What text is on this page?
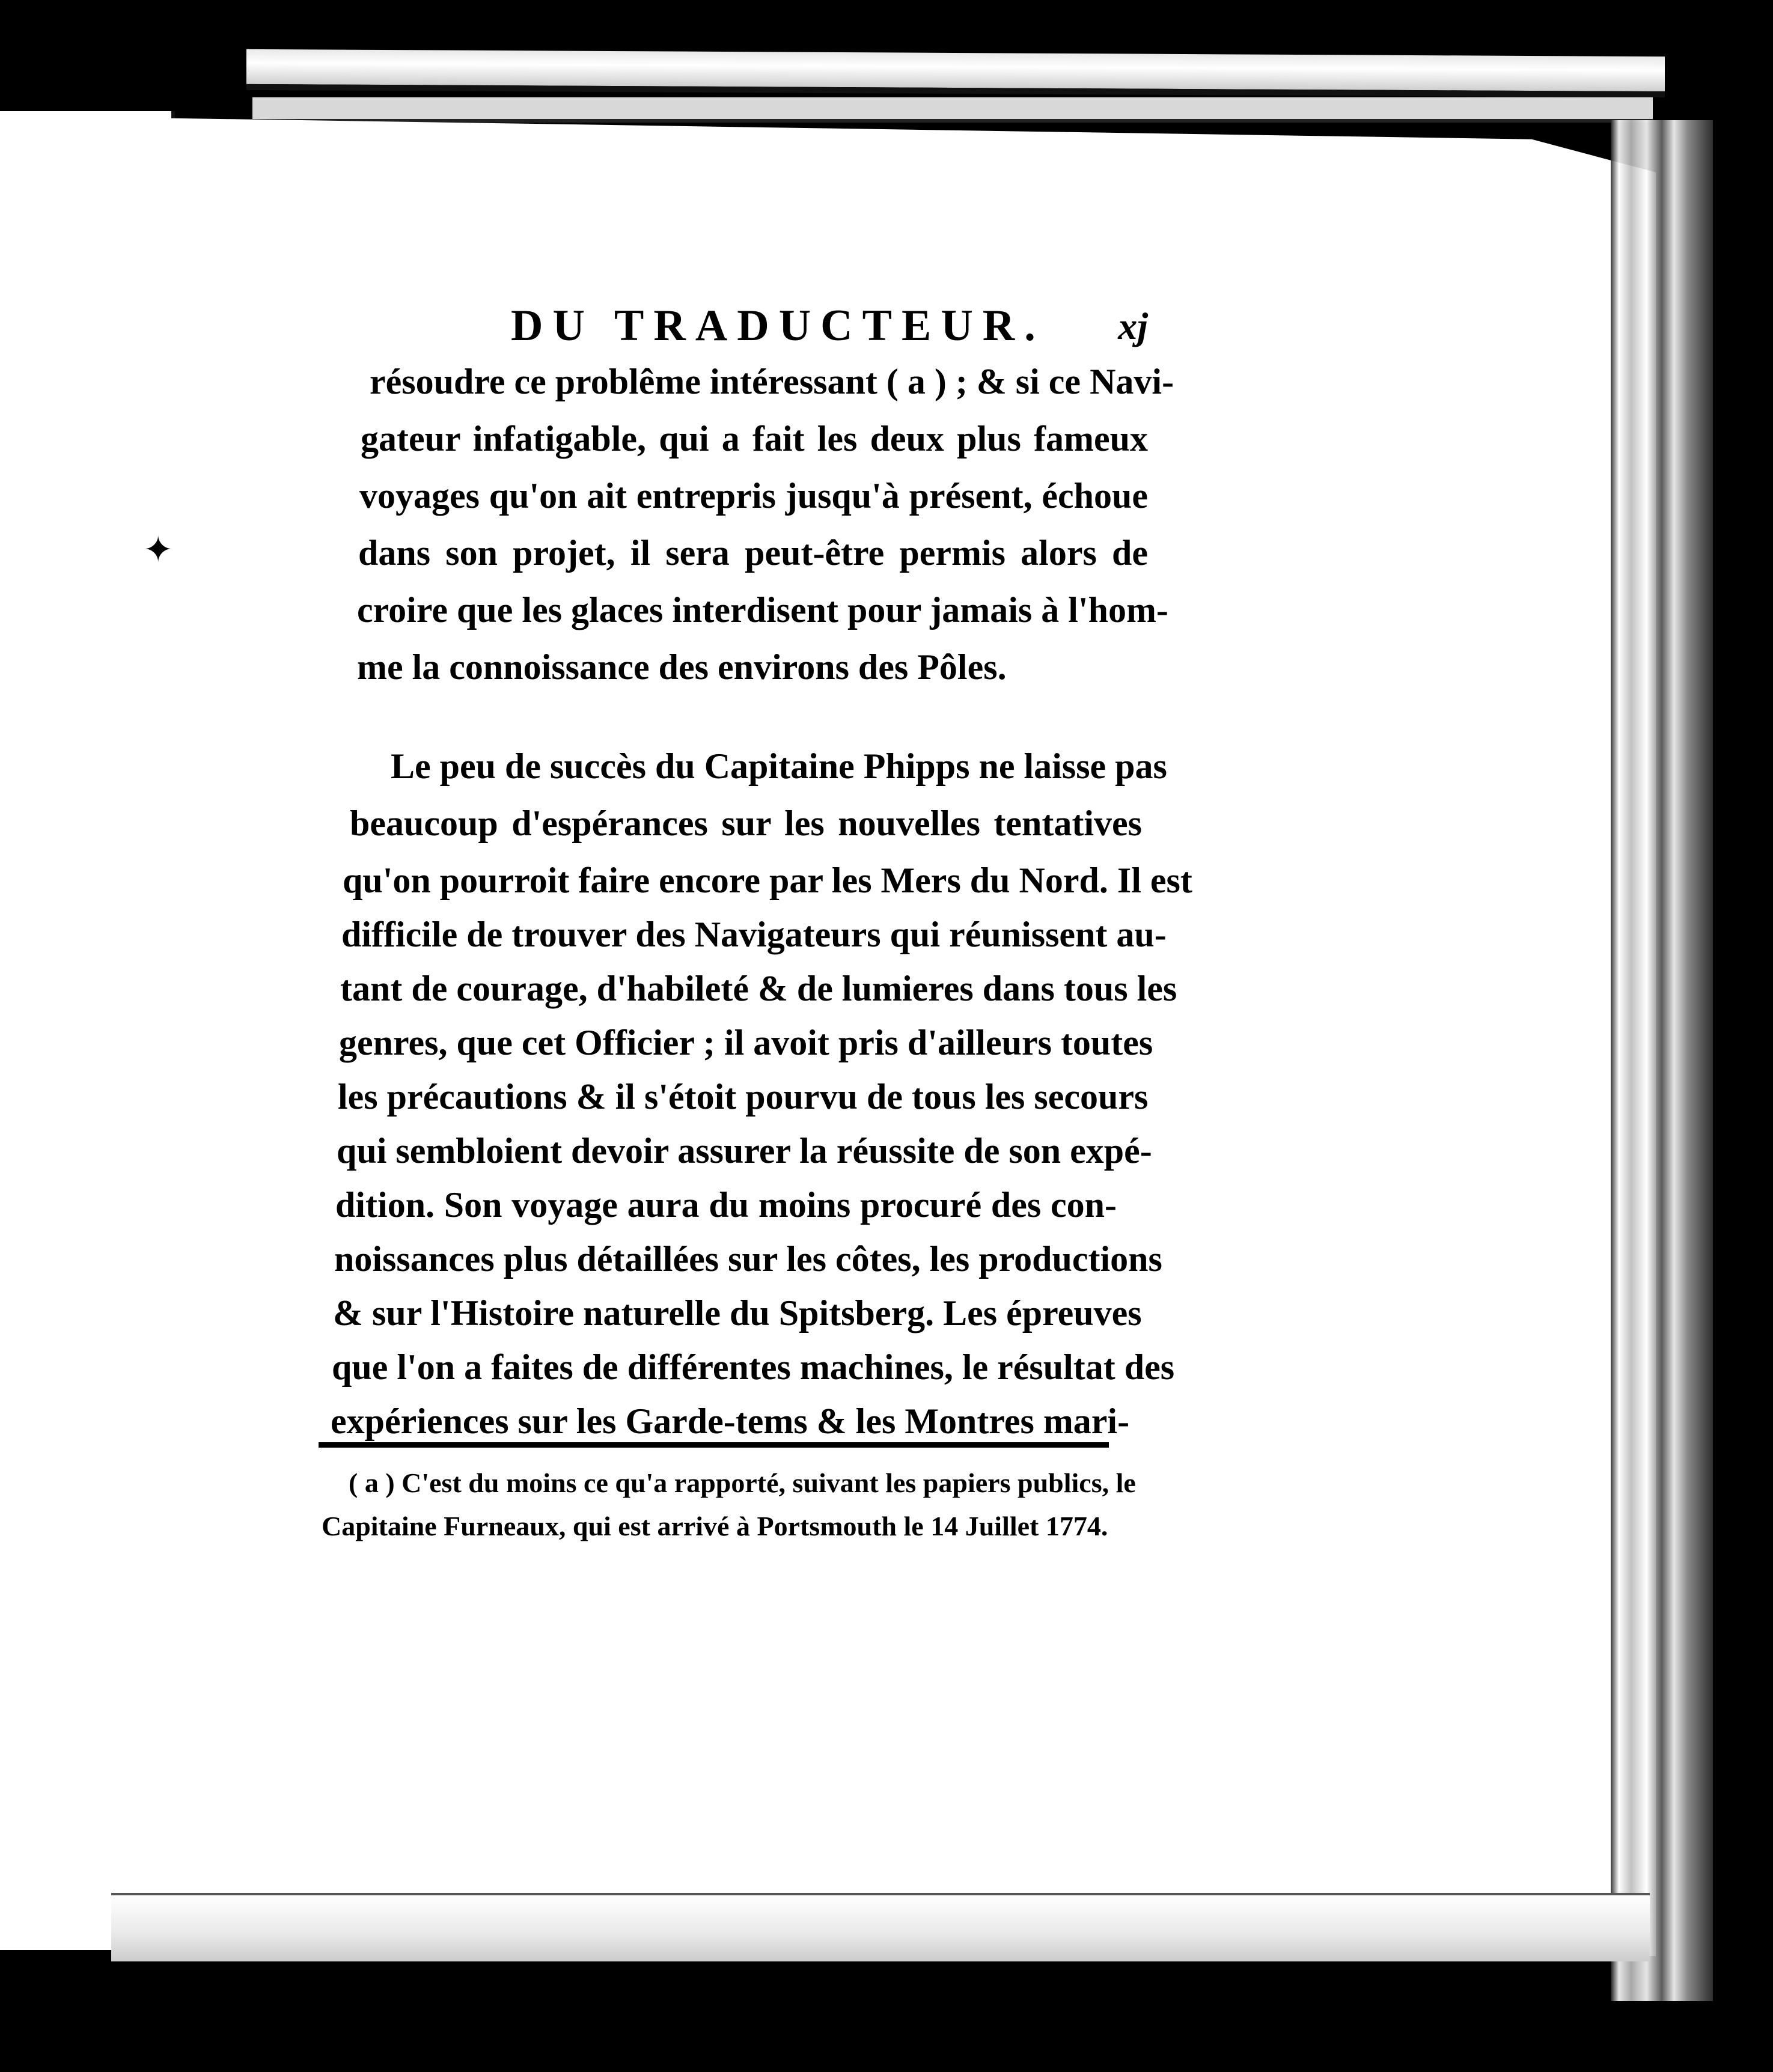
✦
DU TRADUCTEUR. xj
résoudre ce problême intéressant ( a ) ; & si ce Navi-
gateur infatigable, qui a fait les deux plus fameux
voyages qu'on ait entrepris jusqu'à présent, échoue
dans son projet, il sera peut-être permis alors de
croire que les glaces interdisent pour jamais à l'hom-
me la connoissance des environs des Pôles.
Le peu de succès du Capitaine Phipps ne laisse pas
beaucoup d'espérances sur les nouvelles tentatives
qu'on pourroit faire encore par les Mers du Nord. Il est
difficile de trouver des Navigateurs qui réunissent au-
tant de courage, d'habileté & de lumieres dans tous les
genres, que cet Officier ; il avoit pris d'ailleurs toutes
les précautions & il s'étoit pourvu de tous les secours
qui sembloient devoir assurer la réussite de son expé-
dition. Son voyage aura du moins procuré des con-
noissances plus détaillées sur les côtes, les productions
& sur l'Histoire naturelle du Spitsberg. Les épreuves
que l'on a faites de différentes machines, le résultat des
expériences sur les Garde-tems & les Montres mari-
( a ) C'est du moins ce qu'a rapporté, suivant les papiers publics, le
Capitaine Furneaux, qui est arrivé à Portsmouth le 14 Juillet 1774.
